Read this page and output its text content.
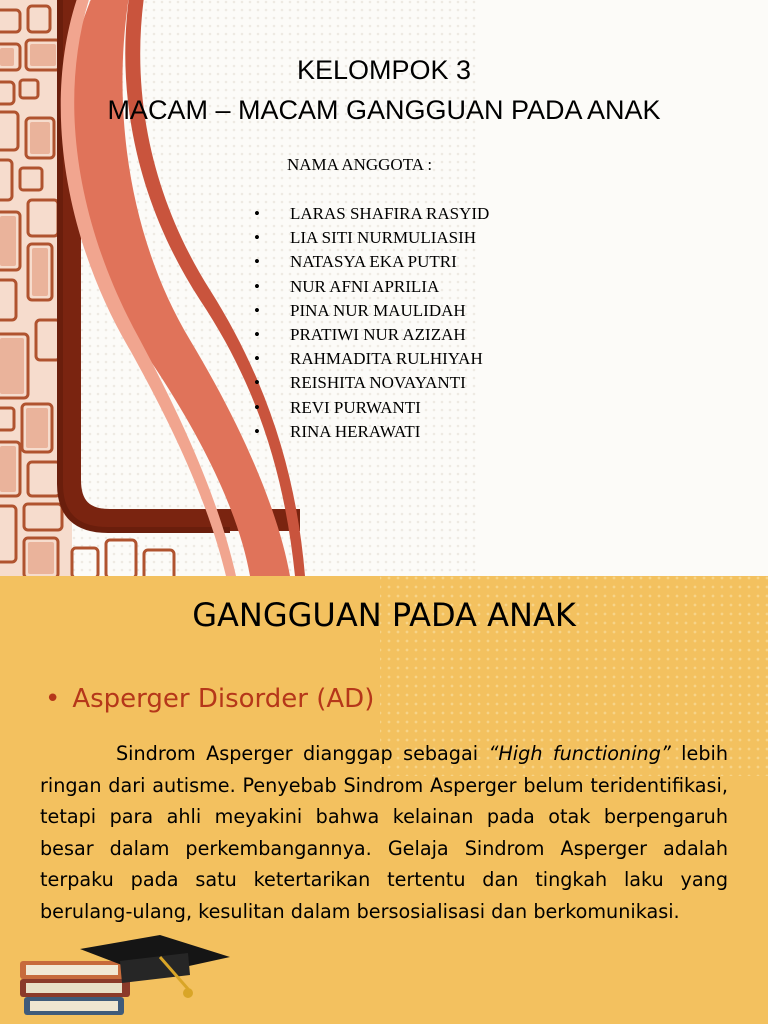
KELOMPOK 3
MACAM – MACAM GANGGUAN PADA ANAK
NAMA ANGGOTA :
• LARAS SHAFIRA RASYID
• LIA SITI NURMULIASIH
• NATASYA EKA PUTRI
• NUR AFNI APRILIA
• PINA NUR MAULIDAH
• PRATIWI NUR AZIZAH
• RAHMADITA RULHIYAH
• REISHITA NOVAYANTI
• REVI PURWANTI
• RINA HERAWATI
GANGGUAN PADA ANAK
• Asperger Disorder (AD)

Sindrom Asperger dianggap sebagai “High functioning” lebih ringan dari autisme. Penyebab Sindrom Asperger belum teridentifikasi, tetapi para ahli meyakini bahwa kelainan pada otak berpengaruh besar dalam perkembangannya. Gelaja Sindrom Asperger adalah terpaku pada satu ketertarikan tertentu dan tingkah laku yang berulang-ulang, kesulitan dalam bersosialisasi dan berkomunikasi.
